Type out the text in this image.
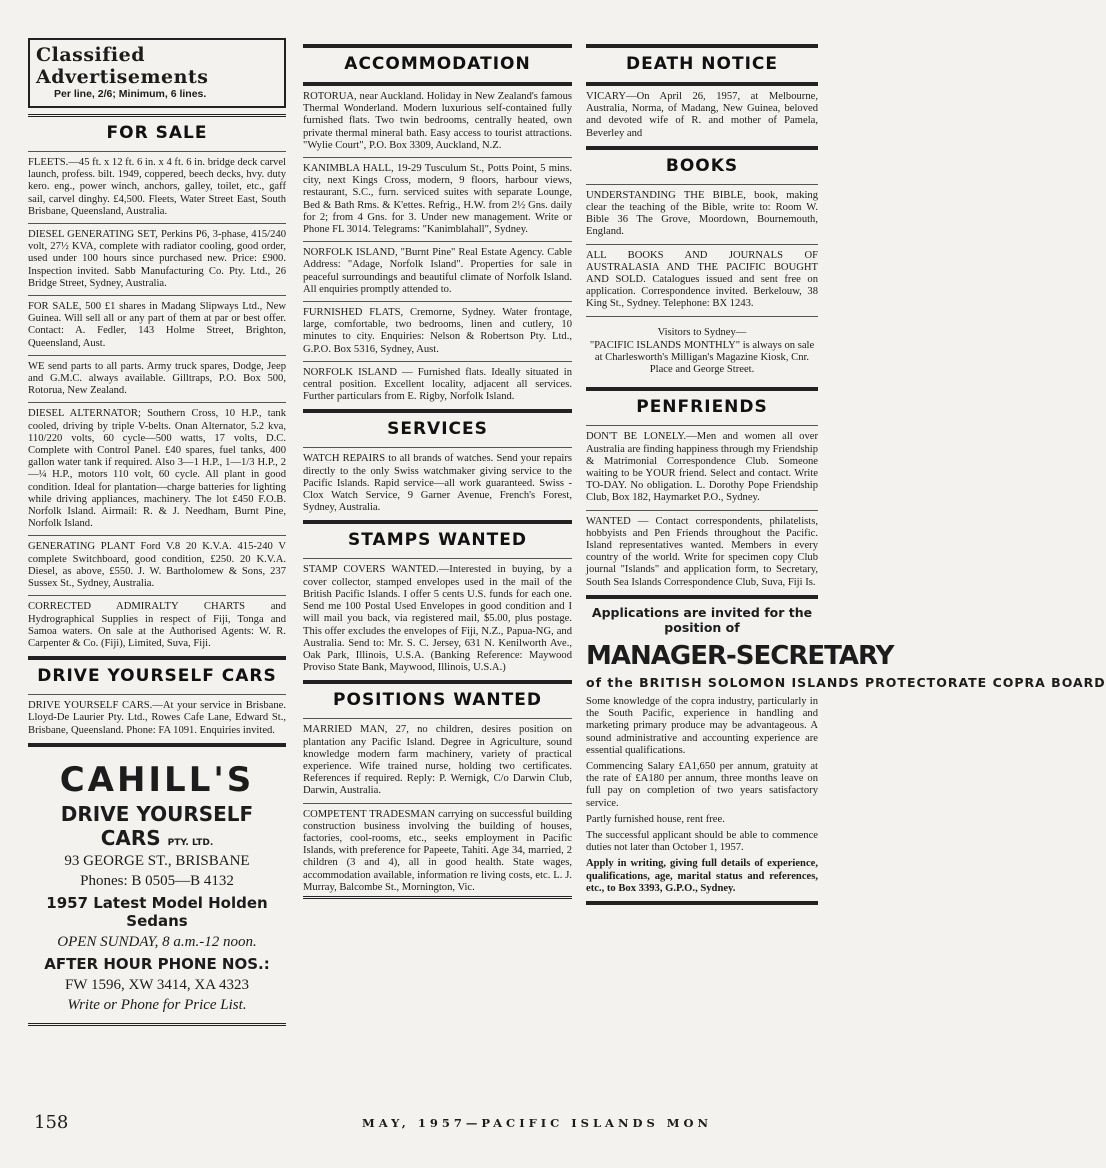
Classified Advertisements
Per line, 2/6; Minimum, 6 lines.
FOR SALE

FLEETS.—45 ft. x 12 ft. 6 in. x 4 ft. 6 in. bridge deck carvel launch, profess. bilt. 1949, coppered, beech decks, hvy. duty kero. eng., power winch, anchors, galley, toilet, etc., gaff sail, carvel dinghy. £4,500. Fleets, Water Street East, South Brisbane, Queensland, Australia.

DIESEL GENERATING SET, Perkins P6, 3-phase, 415/240 volt, 27½ KVA, complete with radiator cooling, good order, used under 100 hours since purchased new. Price: £900. Inspection invited. Sabb Manufacturing Co. Pty. Ltd., 26 Bridge Street, Sydney, Australia.

FOR SALE, 500 £1 shares in Madang Slipways Ltd., New Guinea. Will sell all or any part of them at par or best offer. Contact: A. Fedler, 143 Holme Street, Brighton, Queensland, Aust.

WE send parts to all parts. Army truck spares, Dodge, Jeep and G.M.C. always available. Gilltraps, P.O. Box 500, Rotorua, New Zealand.

DIESEL ALTERNATOR; Southern Cross, 10 H.P., tank cooled, driving by triple V-belts. Onan Alternator, 5.2 kva, 110/220 volts, 60 cycle—500 watts, 17 volts, D.C. Complete with Control Panel. £40 spares, fuel tanks, 400 gallon water tank if required. Also 3—1 H.P., 1—1/3 H.P., 2—¼ H.P., motors 110 volt, 60 cycle. All plant in good condition. Ideal for plantation—charge batteries for lighting while driving appliances, machinery. The lot £450 F.O.B. Norfolk Island. Airmail: R. & J. Needham, Burnt Pine, Norfolk Island.

GENERATING PLANT Ford V.8 20 K.V.A. 415-240 V complete Switchboard, good condition, £250. 20 K.V.A. Diesel, as above, £550. J. W. Bartholomew & Sons, 237 Sussex St., Sydney, Australia.

CORRECTED ADMIRALTY CHARTS and Hydrographical Supplies in respect of Fiji, Tonga and Samoa waters. On sale at the Authorised Agents: W. R. Carpenter & Co. (Fiji), Limited, Suva, Fiji.

DRIVE YOURSELF CARS

DRIVE YOURSELF CARS.—At your service in Brisbane. Lloyd-De Laurier Pty. Ltd., Rowes Cafe Lane, Edward St., Brisbane, Queensland. Phone: FA 1091. Enquiries invited.

CAHILL'S
DRIVE YOURSELF CARS PTY. LTD.
93 GEORGE ST., BRISBANE
Phones: B 0505—B 4132
1957 Latest Model Holden Sedans
OPEN SUNDAY, 8 a.m.-12 noon.
AFTER HOUR PHONE NOS.:
FW 1596, XW 3414, XA 4323
Write or Phone for Price List.
ACCOMMODATION

ROTORUA, near Auckland. Holiday in New Zealand's famous Thermal Wonderland. Modern luxurious self-contained fully furnished flats. Two twin bedrooms, centrally heated, own private thermal mineral bath. Easy access to tourist attractions. "Wylie Court", P.O. Box 3309, Auckland, N.Z.

KANIMBLA HALL, 19-29 Tusculum St., Potts Point, 5 mins. city, next Kings Cross, modern, 9 floors, harbour views, restaurant, S.C., furn. serviced suites with separate Lounge, Bed & Bath Rms. & K'ettes. Refrig., H.W. from 2½ Gns. daily for 2; from 4 Gns. for 3. Under new management. Write or Phone FL 3014. Telegrams: "Kanimblahall", Sydney.

NORFOLK ISLAND, "Burnt Pine" Real Estate Agency. Cable Address: "Adage, Norfolk Island". Properties for sale in peaceful surroundings and beautiful climate of Norfolk Island. All enquiries promptly attended to.

FURNISHED FLATS, Cremorne, Sydney. Water frontage, large, comfortable, two bedrooms, linen and cutlery, 10 minutes to city. Enquiries: Nelson & Robertson Pty. Ltd., G.P.O. Box 5316, Sydney, Aust.

NORFOLK ISLAND — Furnished flats. Ideally situated in central position. Excellent locality, adjacent all services. Further particulars from E. Rigby, Norfolk Island.

SERVICES

WATCH REPAIRS to all brands of watches. Send your repairs directly to the only Swiss watchmaker giving service to the Pacific Islands. Rapid service—all work guaranteed. Swiss - Clox Watch Service, 9 Garner Avenue, French's Forest, Sydney, Australia.

STAMPS WANTED

STAMP COVERS WANTED.—Interested in buying, by a cover collector, stamped envelopes used in the mail of the British Pacific Islands. I offer 5 cents U.S. funds for each one. Send me 100 Postal Used Envelopes in good condition and I will mail you back, via registered mail, $5.00, plus postage. This offer excludes the envelopes of Fiji, N.Z., Papua-NG, and Australia. Send to: Mr. S. C. Jersey, 631 N. Kenilworth Ave., Oak Park, Illinois, U.S.A. (Banking Reference: Maywood Proviso State Bank, Maywood, Illinois, U.S.A.)

POSITIONS WANTED

MARRIED MAN, 27, no children, desires position on plantation any Pacific Island. Degree in Agriculture, sound knowledge modern farm machinery, variety of practical experience. Wife trained nurse, holding two certificates. References if required. Reply: P. Wernigk, C/o Darwin Club, Darwin, Australia.

COMPETENT TRADESMAN carrying on successful building construction business involving the building of houses, factories, cool-rooms, etc., seeks employment in Pacific Islands, with preference for Papeete, Tahiti. Age 34, married, 2 children (3 and 4), all in good health. State wages, accommodation available, information re living costs, etc. L. J. Murray, Balcombe St., Mornington, Vic.

DEATH NOTICE

VICARY—On April 26, 1957, at Melbourne, Australia, Norma, of Madang, New Guinea, beloved and devoted wife of R. and mother of Pamela, Beverley and

BOOKS

UNDERSTANDING THE BIBLE, book, making clear the teaching of the Bible, write to: Room W. Bible 36 The Grove, Moordown, Bournemouth, England.

ALL BOOKS AND JOURNALS OF AUSTRALASIA AND THE PACIFIC BOUGHT AND SOLD. Catalogues issued and sent free on application. Correspondence invited. Berkelouw, 38 King St., Sydney. Telephone: BX 1243.

Visitors to Sydney—
"PACIFIC ISLANDS MONTHLY" is always on sale at Charlesworth's Milligan's Magazine Kiosk, Cnr. Place and George Street.

PENFRIENDS

DON'T BE LONELY.—Men and women all over Australia are finding happiness through my Friendship & Matrimonial Correspondence Club. Someone waiting to be YOUR friend. Select and contact. Write TO-DAY. No obligation. L. Dorothy Pope Friendship Club, Box 182, Haymarket P.O., Sydney.

WANTED — Contact correspondents, philatelists, hobbyists and Pen Friends throughout the Pacific. Island representatives wanted. Members in every country of the world. Write for specimen copy Club journal "Islands" and application form, to Secretary, South Sea Islands Correspondence Club, Suva, Fiji Is.

Applications are invited for the position of
MANAGER-SECRETARY
of the BRITISH SOLOMON ISLANDS PROTECTORATE COPRA BOARD

Some knowledge of the copra industry, particularly in the South Pacific, experience in handling and marketing primary produce may be advantageous. A sound administrative and accounting experience are essential qualifications.

Commencing Salary £A1,650 per annum, gratuity at the rate of £A180 per annum, three months leave on full pay on completion of two years satisfactory service.

Partly furnished house, rent free.

The successful applicant should be able to commence duties not later than October 1, 1957.

Apply in writing, giving full details of experience, qualifications, age, marital status and references, etc., to Box 3393, G.P.O., Sydney.

158	MAY, 1957—PACIFIC ISLANDS MON
